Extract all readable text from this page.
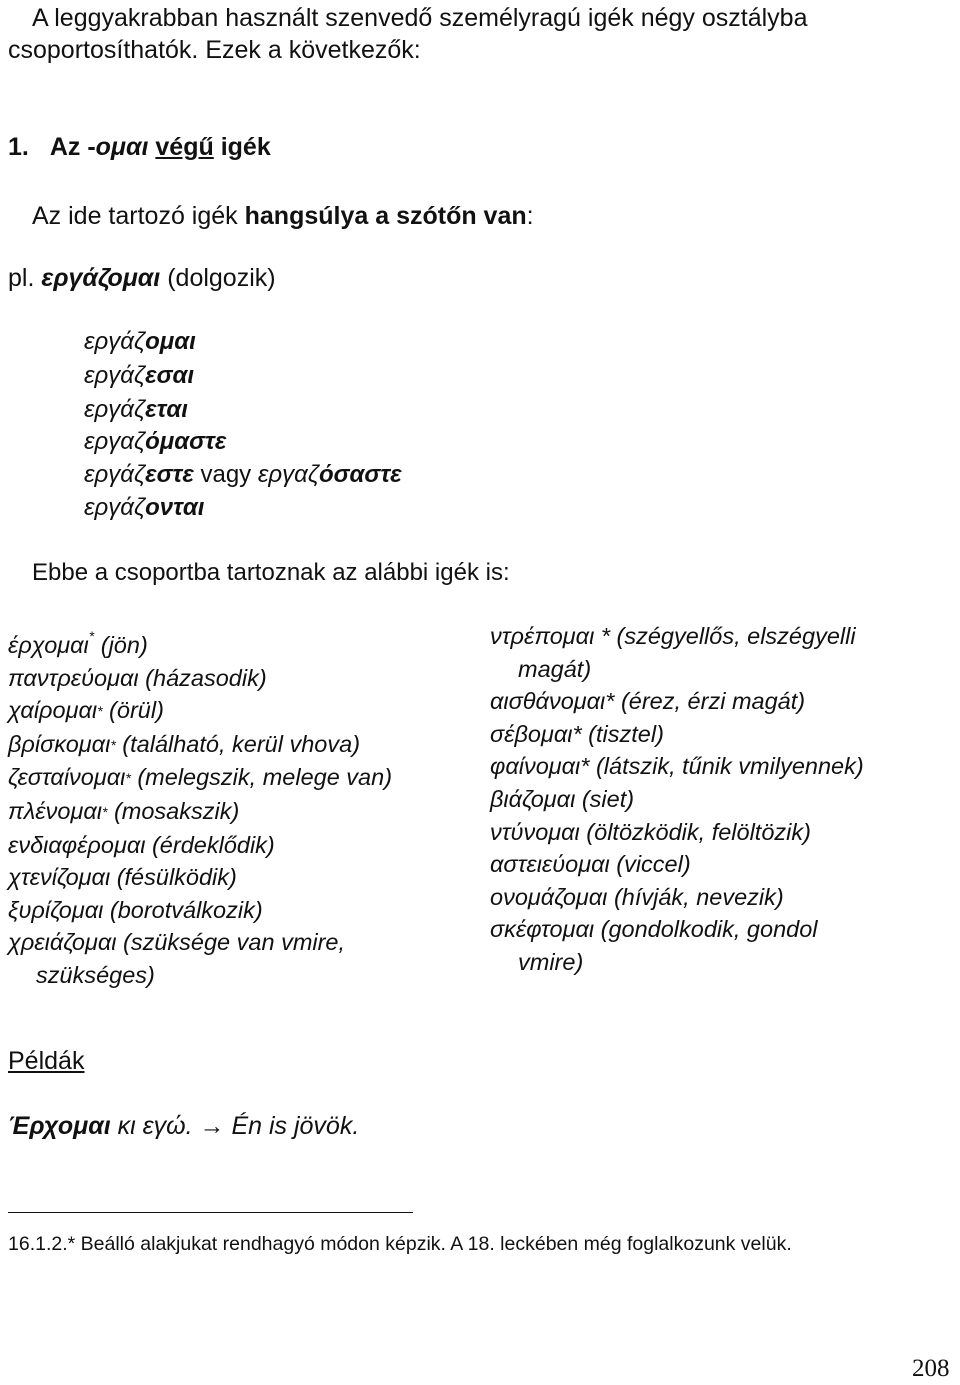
A leggyakrabban használt szenvedő személyragú igék négy osztályba
csoportosíthatók. Ezek a következők:
1. Az -ομαι végű igék
Az ide tartozó igék hangsúlya a szótőn van:
pl. εργάζομαι (dolgozik)
εργάζομαι
εργάζεσαι
εργάζεται
εργαζόμαστε
εργάζεστε vagy εργαζόσαστε
εργάζονται
Ebbe a csoportba tartoznak az alábbi igék is:
έρχομαι* (jön)
παντρεύομαι (házasodik)
χαίρομαι* (örül)
βρίσκομαι* (található, kerül vhova)
ζεσταίνομαι* (melegszik, melege van)
πλένομαι* (mosakszik)
ενδιαφέρομαι (érdeklődik)
χτενίζομαι (fésülködik)
ξυρίζομαι (borotválkozik)
χρειάζομαι (szüksége van vmire,
szükséges)
ντρέπομαι * (szégyellős, elszégyelli
magát)
αισθάνομαι* (érez, érzi magát)
σέβομαι* (tisztel)
φαίνομαι* (látszik, tűnik vmilyennek)
βιάζομαι (siet)
ντύνομαι (öltözködik, felöltözik)
αστειεύομαι (viccel)
ονομάζομαι (hívják, nevezik)
σκέφτομαι (gondolkodik, gondol
vmire)
Példák
Έρχομαι κι εγώ. → Én is jövök.
16.1.2.* Beálló alakjukat rendhagyó módon képzik. A 18. leckében még foglalkozunk velük.
208
